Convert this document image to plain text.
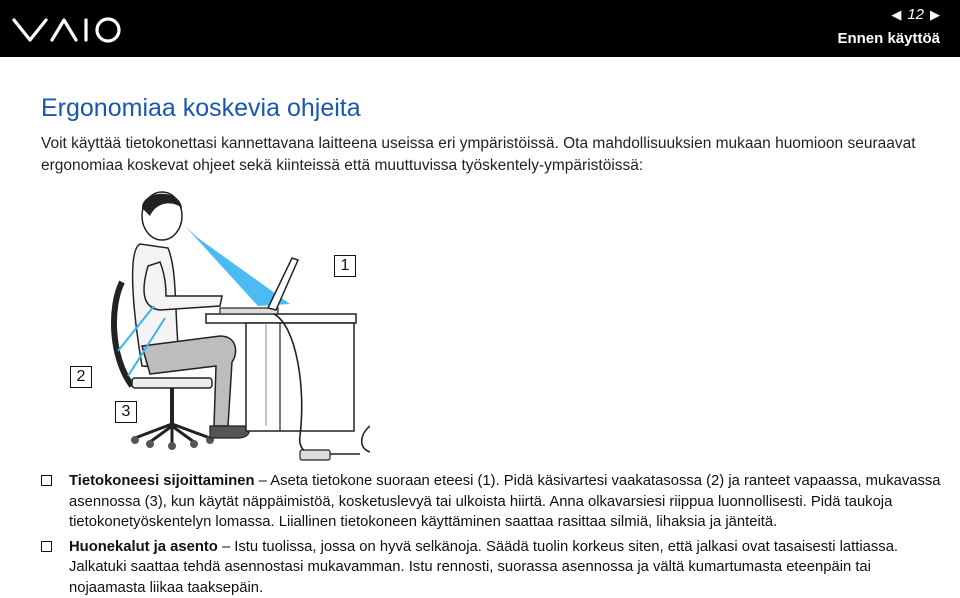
◀ 12 ▶
Ennen käyttöä
Ergonomiaa koskevia ohjeita

Voit käyttää tietokonettasi kannettavana laitteena useissa eri ympäristöissä. Ota mahdollisuuksien mukaan huomioon seuraavat ergonomiaa koskevat ohjeet sekä kiinteissä että muuttuvissa työskentely-ympäristöissä:

1
2
3
Tietokoneesi sijoittaminen – Aseta tietokone suoraan eteesi (1). Pidä käsivartesi vaakatasossa (2) ja ranteet vapaassa, mukavassa asennossa (3), kun käytät näppäimistöä, kosketuslevyä tai ulkoista hiirtä. Anna olkavarsiesi riippua luonnollisesti. Pidä taukoja tietokonetyöskentelyn lomassa. Liiallinen tietokoneen käyttäminen saattaa rasittaa silmiä, lihaksia ja jänteitä.
Huonekalut ja asento – Istu tuolissa, jossa on hyvä selkänoja. Säädä tuolin korkeus siten, että jalkasi ovat tasaisesti lattiassa. Jalkatuki saattaa tehdä asennostasi mukavamman. Istu rennosti, suorassa asennossa ja vältä kumartumasta eteenpäin tai nojaamasta liikaa taaksepäin.
